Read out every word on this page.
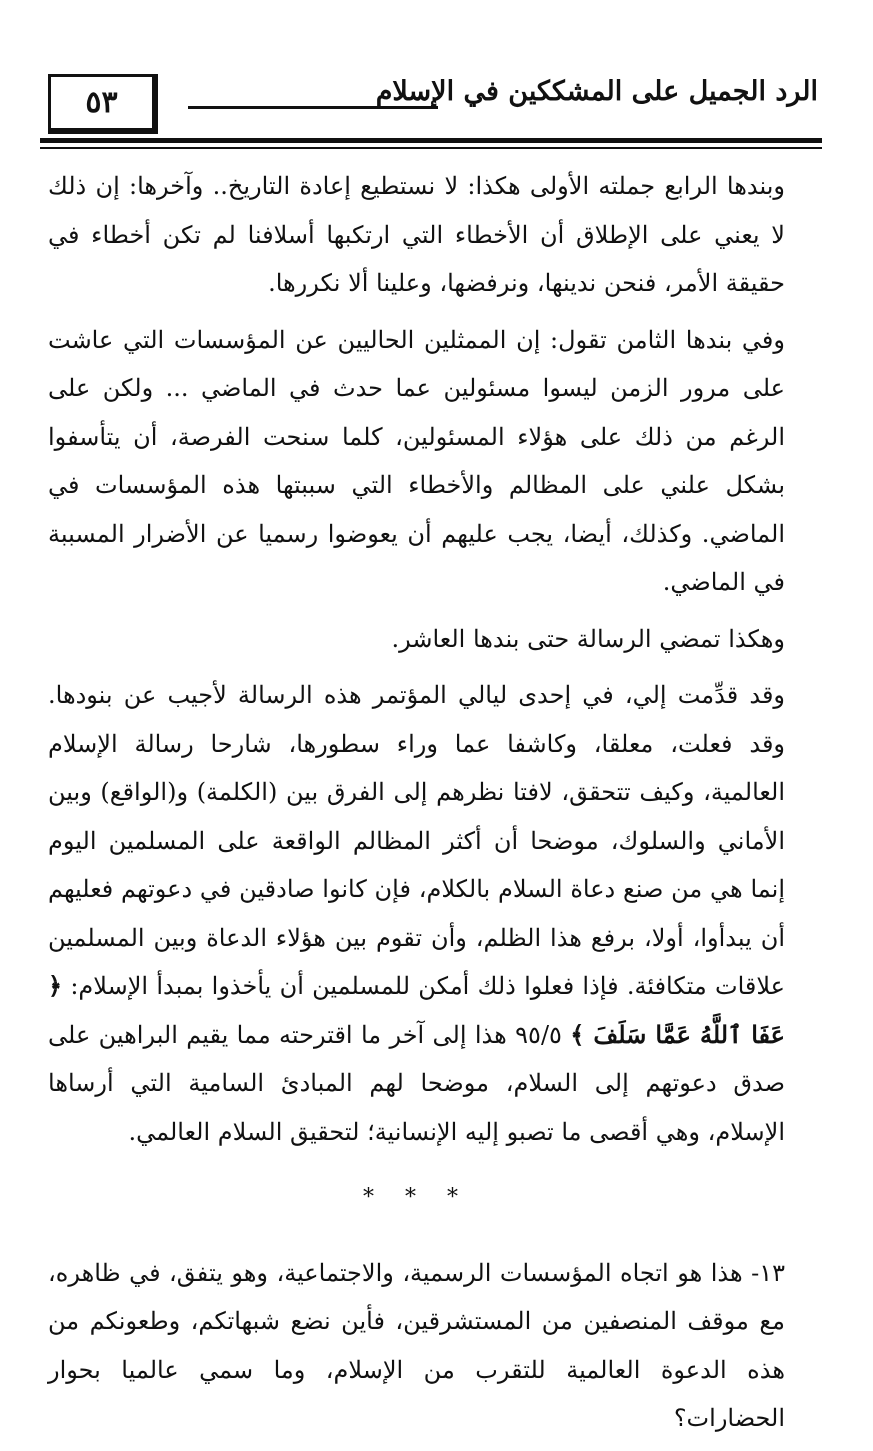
٥٣	الرد الجميل على المشككين في الإسلام

وبندها الرابع جملته الأولى هكذا: لا نستطيع إعادة التاريخ.. وآخرها: إن ذلك لا يعني على الإطلاق أن الأخطاء التي ارتكبها أسلافنا لم تكن أخطاء في حقيقة الأمر، فنحن ندينها، ونرفضها، وعلينا ألا نكررها.

وفي بندها الثامن تقول: إن الممثلين الحاليين عن المؤسسات التي عاشت على مرور الزمن ليسوا مسئولين عما حدث في الماضي ... ولكن على الرغم من ذلك على هؤلاء المسئولين، كلما سنحت الفرصة، أن يتأسفوا بشكل علني على المظالم والأخطاء التي سببتها هذه المؤسسات في الماضي. وكذلك، أيضا، يجب عليهم أن يعوضوا رسميا عن الأضرار المسببة في الماضي.

وهكذا تمضي الرسالة حتى بندها العاشر.

وقد قدِّمت إلي، في إحدى ليالي المؤتمر هذه الرسالة لأجيب عن بنودها. وقد فعلت، معلقا، وكاشفا عما وراء سطورها، شارحا رسالة الإسلام العالمية، وكيف تتحقق، لافتا نظرهم إلى الفرق بين (الكلمة) و(الواقع) وبين الأماني والسلوك، موضحا أن أكثر المظالم الواقعة على المسلمين اليوم إنما هي من صنع دعاة السلام بالكلام، فإن كانوا صادقين في دعوتهم فعليهم أن يبدأوا، أولا، برفع هذا الظلم، وأن تقوم بين هؤلاء الدعاة وبين المسلمين علاقات متكافئة. فإذا فعلوا ذلك أمكن للمسلمين أن يأخذوا بمبدأ الإسلام: ﴿ عَفَا ٱللَّهُ عَمَّا سَلَفَ ﴾ ٩٥/٥ هذا إلى آخر ما اقترحته مما يقيم البراهين على صدق دعوتهم إلى السلام، موضحا لهم المبادئ السامية التي أرساها الإسلام، وهي أقصى ما تصبو إليه الإنسانية؛ لتحقيق السلام العالمي.

* * *

١٣- هذا هو اتجاه المؤسسات الرسمية، والاجتماعية، وهو يتفق، في ظاهره، مع موقف المنصفين من المستشرقين، فأين نضع شبهاتكم، وطعونكم من هذه الدعوة العالمية للتقرب من الإسلام، وما سمي عالميا بحوار الحضارات؟
